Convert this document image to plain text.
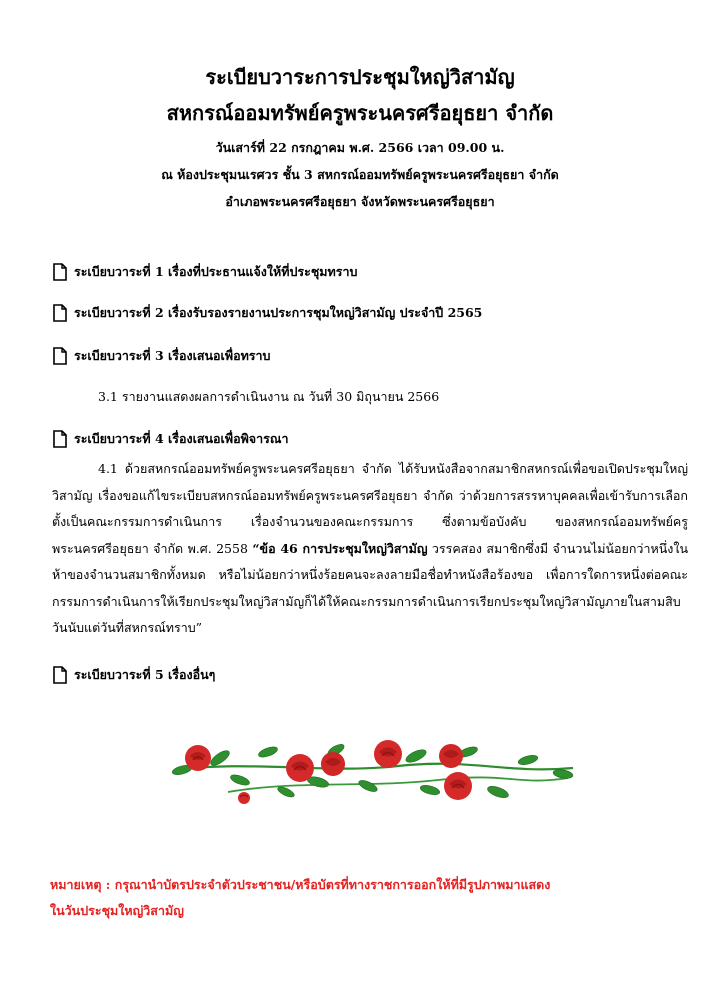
ระเบียบวาระการประชุมใหญ่วิสามัญ

สหกรณ์ออมทรัพย์ครูพระนครศรีอยุธยา จำกัด

วันเสาร์ที่ 22 กรกฎาคม พ.ศ. 2566 เวลา 09.00 น.

ณ ห้องประชุมนเรศวร ชั้น 3 สหกรณ์ออมทรัพย์ครูพระนครศรีอยุธยา จำกัด

อำเภอพระนครศรีอยุธยา จังหวัดพระนครศรีอยุธยา

ระเบียบวาระที่ 1 เรื่องที่ประธานแจ้งให้ที่ประชุมทราบ
ระเบียบวาระที่ 2 เรื่องรับรองรายงานประการชุมใหญ่วิสามัญ ประจำปี 2565
ระเบียบวาระที่ 3 เรื่องเสนอเพื่อทราบ
3.1 รายงานแสดงผลการดำเนินงาน ณ วันที่ 30 มิถุนายน 2566
ระเบียบวาระที่ 4 เรื่องเสนอเพื่อพิจารณา
4.1 ด้วยสหกรณ์ออมทรัพย์ครูพระนครศรีอยุธยา จำกัด ได้รับหนังสือจากสมาชิกสหกรณ์เพื่อขอเปิดประชุมใหญ่วิสามัญ เรื่องขอแก้ไขระเบียบสหกรณ์ออมทรัพย์ครูพระนครศรีอยุธยา จำกัด ว่าด้วยการสรรหาบุคคลเพื่อเข้ารับการเลือกตั้งเป็นคณะกรรมการดำเนินการ เรื่องจำนวนของคณะกรรมการ ซึ่งตามข้อบังคับ ของสหกรณ์ออมทรัพย์ครูพระนครศรีอยุธยา จำกัด พ.ศ. 2558 “ข้อ 46 การประชุมใหญ่วิสามัญ วรรคสอง สมาชิกซึ่งมี จำนวนไม่น้อยกว่าหนึ่งในห้าของจำนวนสมาชิกทั้งหมด หรือไม่น้อยกว่าหนึ่งร้อยคนจะลงลายมือชื่อทำหนังสือร้องขอ เพื่อการใดการหนึ่งต่อคณะกรรมการดำเนินการให้เรียกประชุมใหญ่วิสามัญก็ได้ให้คณะกรรมการดำเนินการเรียกประชุมใหญ่วิสามัญภายในสามสิบวันนับแต่วันที่สหกรณ์ทราบ”
ระเบียบวาระที่ 5 เรื่องอื่นๆ
หมายเหตุ : กรุณานำบัตรประจำตัวประชาชน/หรือบัตรที่ทางราชการออกให้ที่มีรูปภาพมาแสดง
ในวันประชุมใหญ่วิสามัญ
